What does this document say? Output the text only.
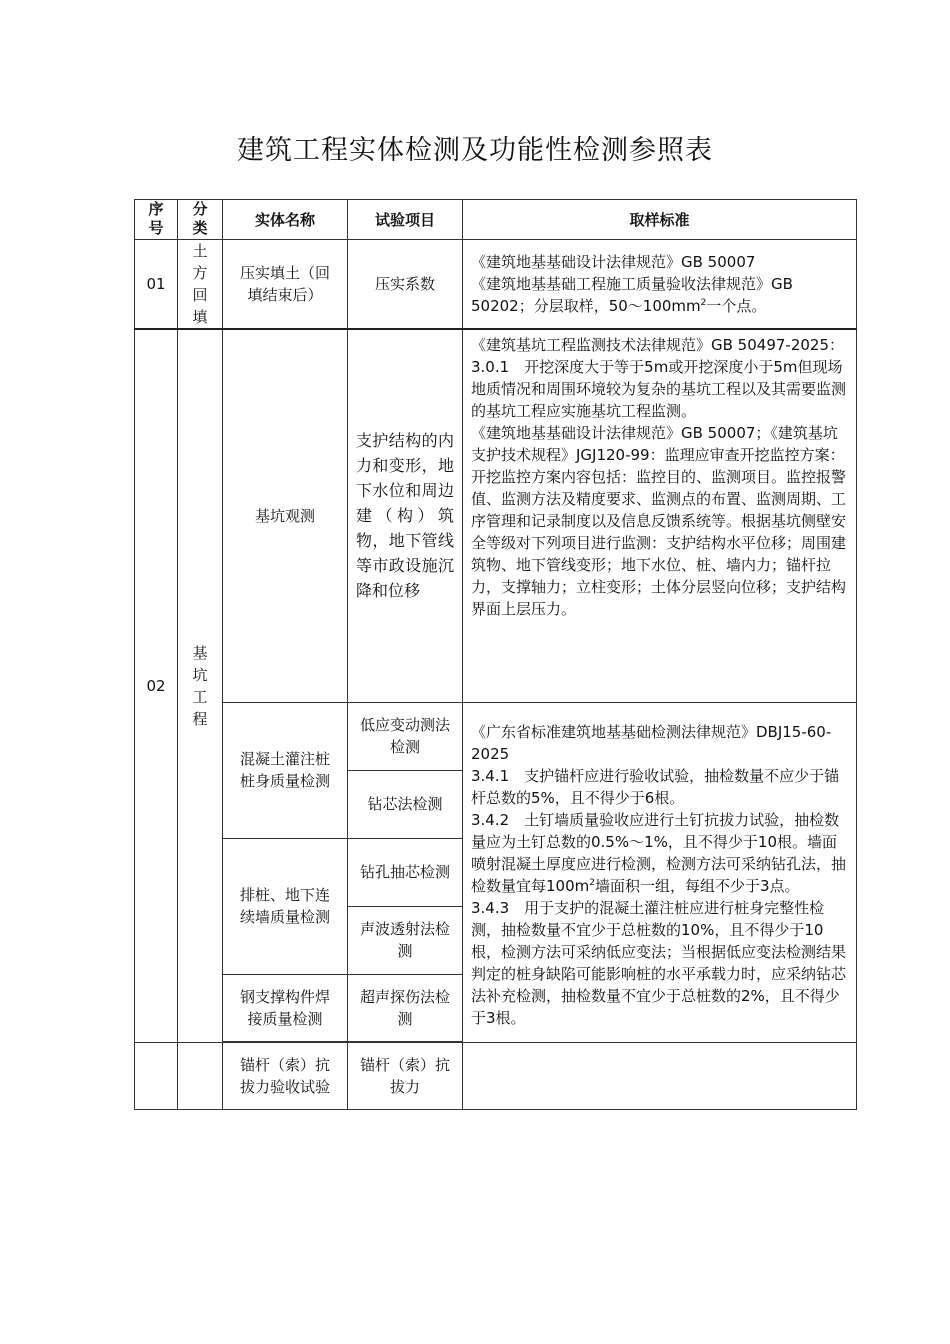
建筑工程实体检测及功能性检测参照表
序号	分类	实体名称	试验项目	取样标准
01	土方回填	压实填土（回填结束后）	压实系数	《建筑地基基础设计法律规范》GB 50007

《建筑地基基础工程施工质量验收法律规范》GB 50202；分层取样，$50\sim 100mm^2$一个点。

02	基坑工程	基坑观测	支护结构的内力和变形，地下水位和周边建（构）筑物，地下管线等市政设施沉降和位移	《建筑基坑工程监测技术法律规范》GB 50497-2025：

3.0.1　开挖深度大于等于5m或开挖深度小于5m但现场地质情况和周围环境较为复杂的基坑工程以及其需要监测的基坑工程应实施基坑工程监测。

《建筑地基基础设计法律规范》GB 50007；《建筑基坑支护技术规程》JGJ120-99：监理应审查开挖监控方案：开挖监控方案内容包括：监控目的、监测项目。监控报警值、监测方法及精度要求、监测点的布置、监测周期、工序管理和记录制度以及信息反馈系统等。根据基坑侧壁安全等级对下列项目进行监测：支护结构水平位移；周围建筑物、地下管线变形；地下水位、桩、墙内力；锚杆拉力，支撑轴力；立柱变形；土体分层竖向位移；支护结构界面上层压力。

		混凝土灌注桩桩身质量检测	低应变动测法检测	《广东省标准建筑地基基础检测法律规范》DBJ15-60-2025

3.4.1　支护锚杆应进行验收试验，抽检数量不应少于锚杆总数的5%，且不得少于6根。

3.4.2　土钉墙质量验收应进行土钉抗拔力试验，抽检数量应为土钉总数的0.5%～1%，且不得少于10根。墙面喷射混凝土厚度应进行检测，检测方法可采纳钻孔法，抽检数量宜每$100m^2$墙面积一组，每组不少于3点。

3.4.3　用于支护的混凝土灌注桩应进行桩身完整性检测，抽检数量不宜少于总桩数的10%，且不得少于10根，检测方法可采纳低应变法；当根据低应变法检测结果判定的桩身缺陷可能影响桩的水平承载力时，应采纳钻芯法补充检测，抽检数量不宜少于总桩数的2%，且不得少于3根。

			钻芯法检测	
		排桩、地下连续墙质量检测	钻孔抽芯检测	
			声波透射法检测	
		钢支撑构件焊接质量检测	超声探伤法检测	
		锚杆（索）抗拔力验收试验	锚杆（索）抗拔力	
